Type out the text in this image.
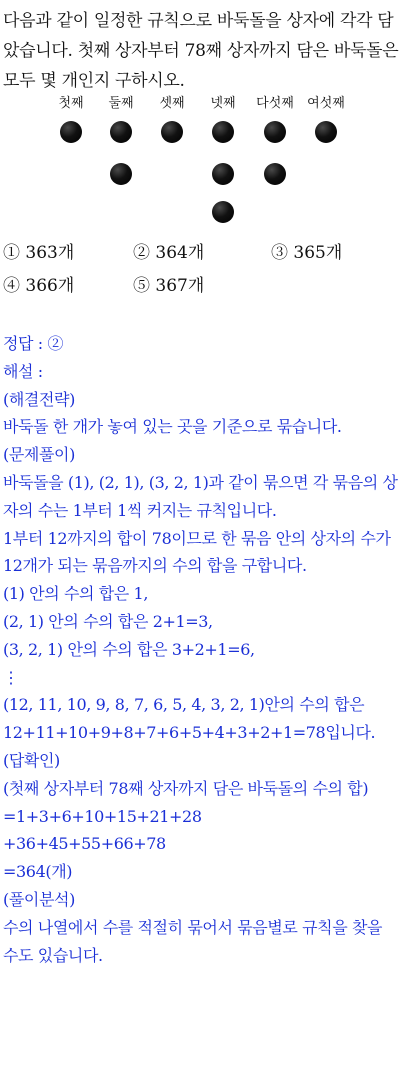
다음과 같이 일정한 규칙으로 바둑돌을 상자에 각각 담았습니다. 첫째 상자부터 78째 상자까지 담은 바둑돌은 모두 몇 개인지 구하시오.
첫째 둘째 셋째 넷째 다섯째 여섯째
① 363개	② 364개	③ 365개
④ 366개	⑤ 367개
정답 : ②
해설 :
(해결전략)
바둑돌 한 개가 놓여 있는 곳을 기준으로 묶습니다.
(문제풀이)
바둑돌을 (1), (2, 1), (3, 2, 1)과 같이 묶으면 각 묶음의 상자의 수는 1부터 1씩 커지는 규칙입니다.
1부터 12까지의 합이 78이므로 한 묶음 안의 상자의 수가 12개가 되는 묶음까지의 수의 합을 구합니다.
(1) 안의 수의 합은 1,
(2, 1) 안의 수의 합은 2+1=3,
(3, 2, 1) 안의 수의 합은 3+2+1=6,
⋮
(12, 11, 10, 9, 8, 7, 6, 5, 4, 3, 2, 1)안의 수의 합은 12+11+10+9+8+7+6+5+4+3+2+1=78입니다.
(답확인)
(첫째 상자부터 78째 상자까지 담은 바둑돌의 수의 합)
=1+3+6+10+15+21+28
+36+45+55+66+78
=364(개)
(풀이분석)
수의 나열에서 수를 적절히 묶어서 묶음별로 규칙을 찾을 수도 있습니다.
